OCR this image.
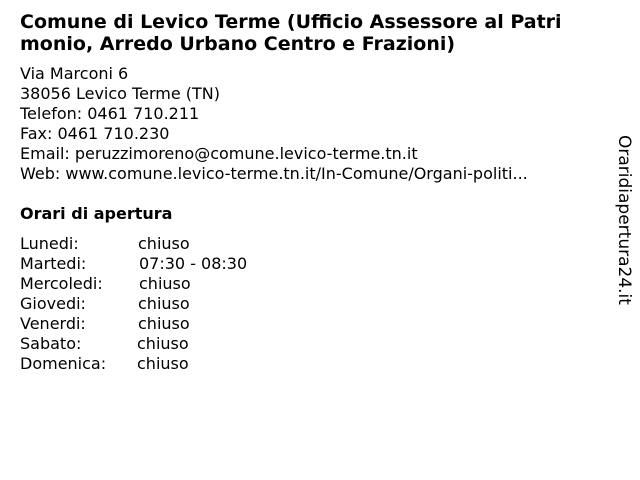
Comune di Levico Terme (Ufficio Assessore al Patri
monio, Arredo Urbano Centro e Frazioni)
Via Marconi 6
38056 Levico Terme (TN)
Telefon: 0461 710.211
Fax: 0461 710.230
Email: peruzzimoreno@comune.levico-terme.tn.it
Web: www.comune.levico-terme.tn.it/In-Comune/Organi-politi...
Orari di apertura
Lunedi:	chiuso
Martedi:	07:30 - 08:30
Mercoledi: chiuso
Giovedi:	chiuso
Venerdi:	chiuso
Sabato:	chiuso
Domenica: chiuso
Oraridiapertura24.it
